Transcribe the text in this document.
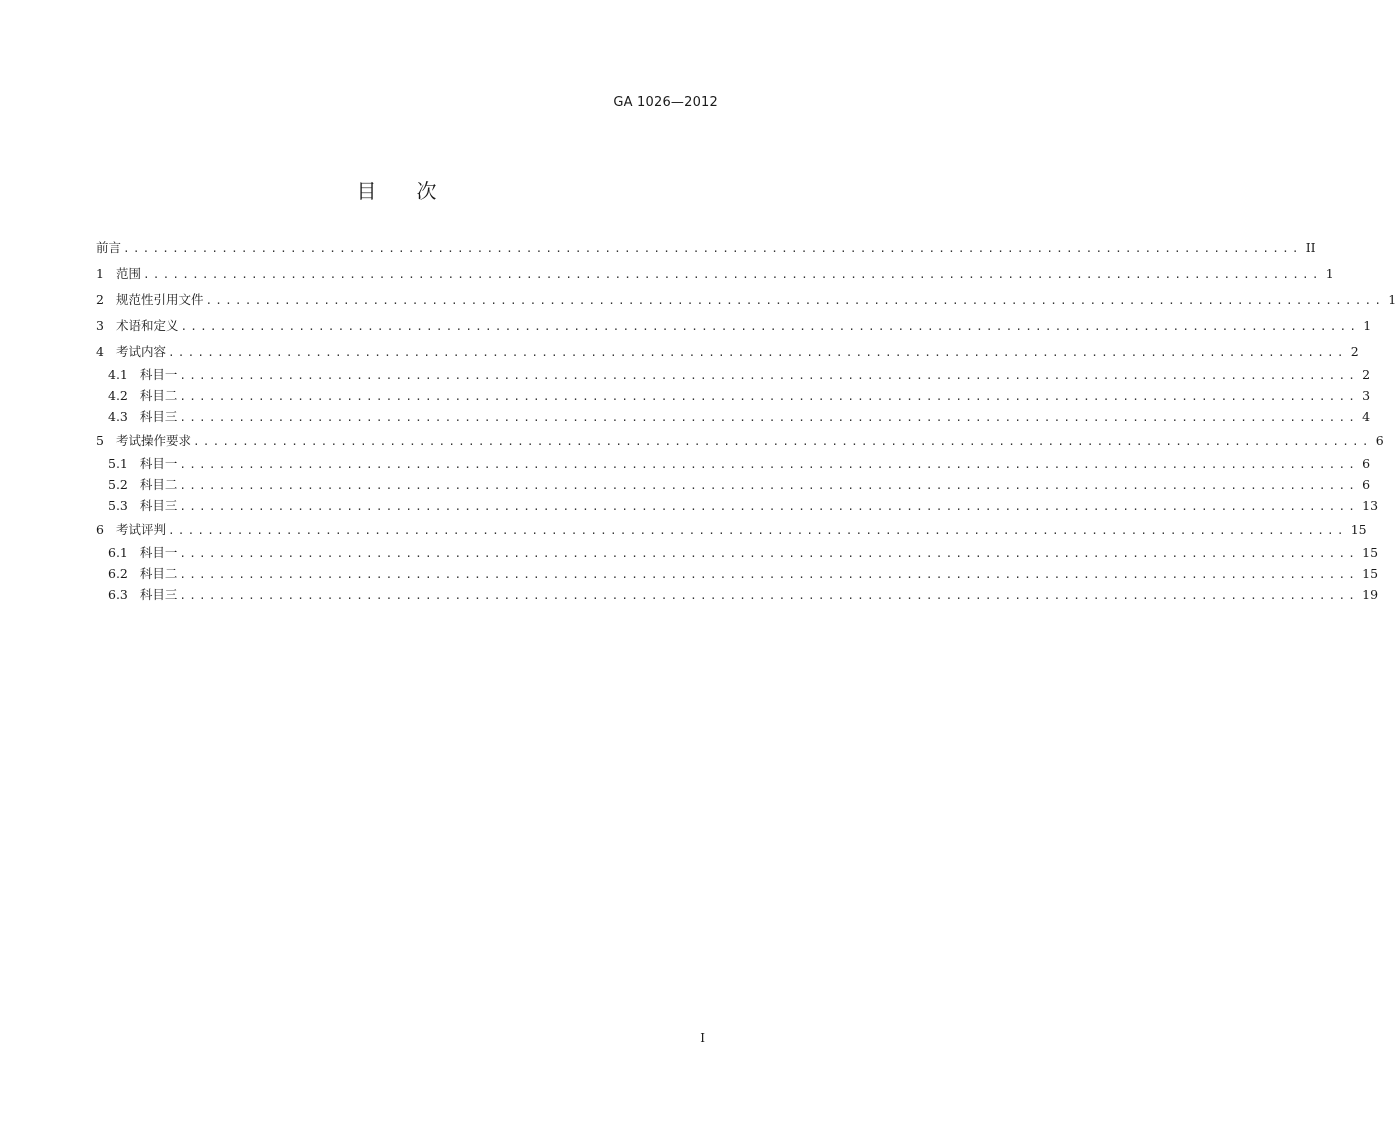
GA 1026—2012
目次
前言 ........................................................................................................................ II
1 范围 ........................................................................................................................ 1
2 规范性引用文件 ........................................................................................................................ 1
3 术语和定义 ........................................................................................................................ 1
4 考试内容 ........................................................................................................................ 2
4.1 科目一 ........................................................................................................................ 2
4.2 科目二 ........................................................................................................................ 3
4.3 科目三 ........................................................................................................................ 4
5 考试操作要求 ........................................................................................................................ 6
5.1 科目一 ........................................................................................................................ 6
5.2 科目二 ........................................................................................................................ 6
5.3 科目三 ........................................................................................................................ 13
6 考试评判 ........................................................................................................................ 15
6.1 科目一 ........................................................................................................................ 15
6.2 科目二 ........................................................................................................................ 15
6.3 科目三 ........................................................................................................................ 19
I
